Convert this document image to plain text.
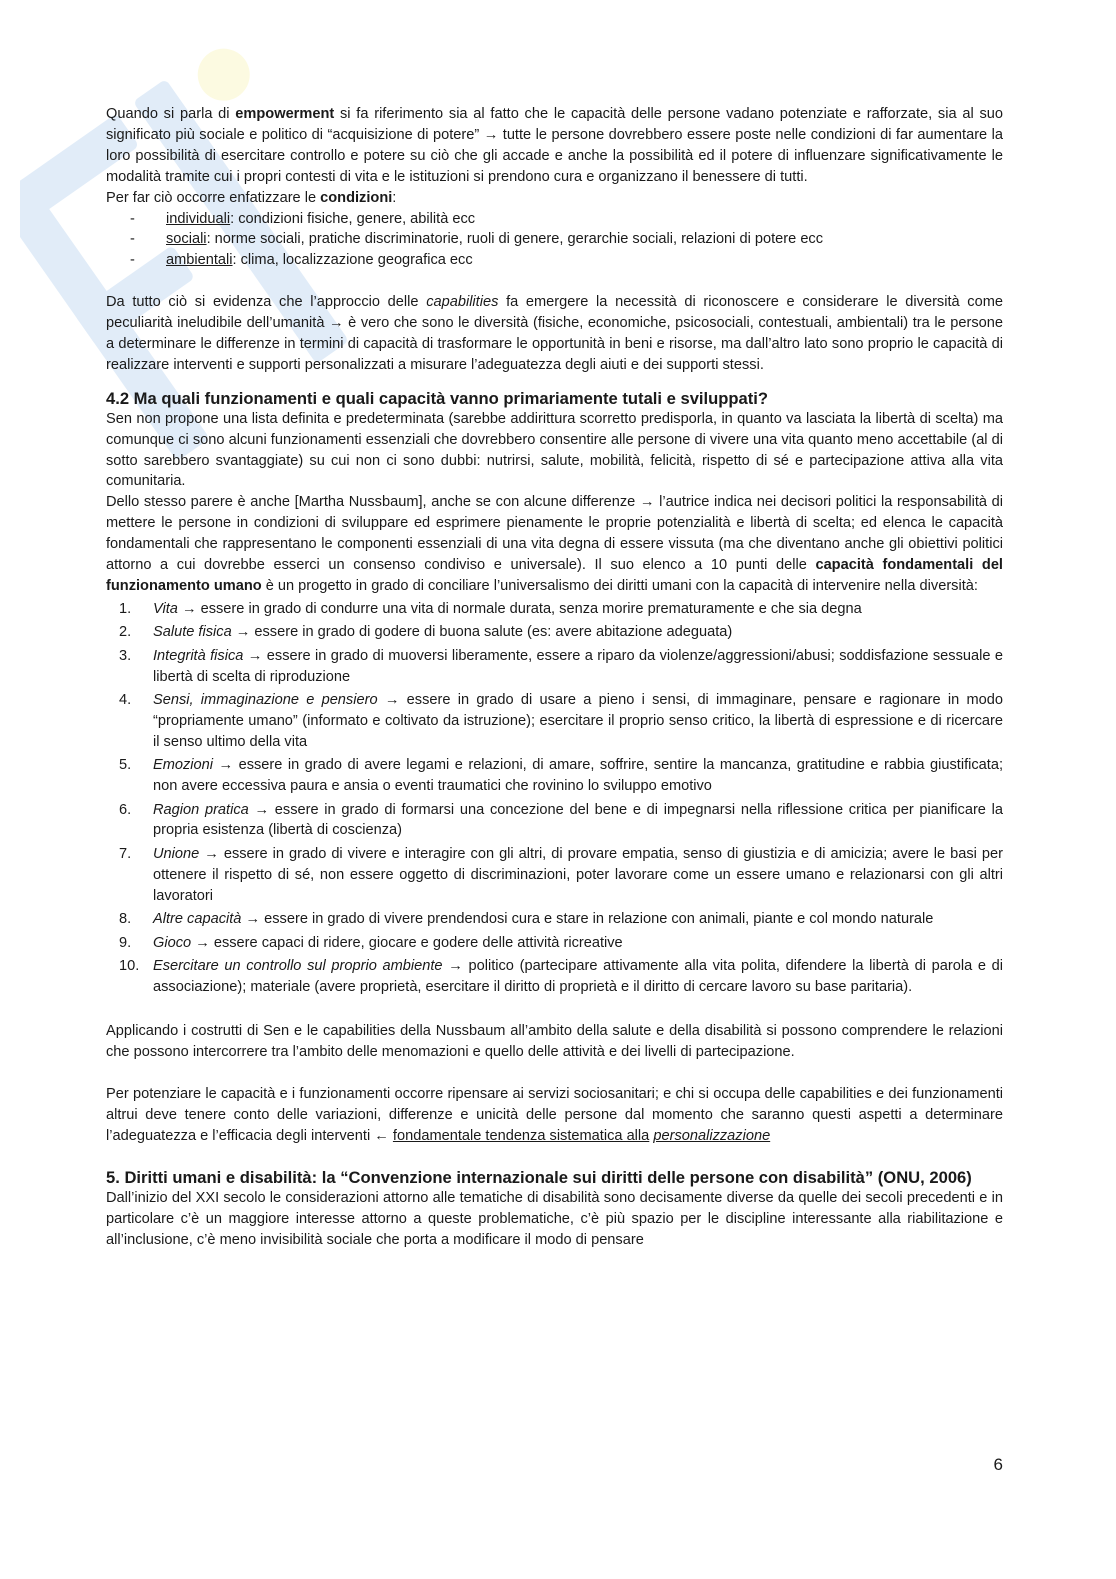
Quando si parla di empowerment si fa riferimento sia al fatto che le capacità delle persone vadano potenziate e rafforzate, sia al suo significato più sociale e politico di “acquisizione di potere” → tutte le persone dovrebbero essere poste nelle condizioni di far aumentare la loro possibilità di esercitare controllo e potere su ciò che gli accade e anche la possibilità ed il potere di influenzare significativamente le modalità tramite cui i propri contesti di vita e le istituzioni si prendono cura e organizzano il benessere di tutti.

Per far ciò occorre enfatizzare le condizioni:

- individuali: condizioni fisiche, genere, abilità ecc
- sociali: norme sociali, pratiche discriminatorie, ruoli di genere, gerarchie sociali, relazioni di potere ecc
- ambientali: clima, localizzazione geografica ecc

Da tutto ciò si evidenza che l’approccio delle capabilities fa emergere la necessità di riconoscere e considerare le diversità come peculiarità ineludibile dell’umanità → è vero che sono le diversità (fisiche, economiche, psicosociali, contestuali, ambientali) tra le persone a determinare le differenze in termini di capacità di trasformare le opportunità in beni e risorse, ma dall’altro lato sono proprio le capacità di realizzare interventi e supporti personalizzati a misurare l’adeguatezza degli aiuti e dei supporti stessi.

4.2 Ma quali funzionamenti e quali capacità vanno primariamente tutali e sviluppati?

Sen non propone una lista definita e predeterminata (sarebbe addirittura scorretto predisporla, in quanto va lasciata la libertà di scelta) ma comunque ci sono alcuni funzionamenti essenziali che dovrebbero consentire alle persone di vivere una vita quanto meno accettabile (al di sotto sarebbero svantaggiate) su cui non ci sono dubbi: nutrirsi, salute, mobilità, felicità, rispetto di sé e partecipazione attiva alla vita comunitaria.

Dello stesso parere è anche [Martha Nussbaum], anche se con alcune differenze → l’autrice indica nei decisori politici la responsabilità di mettere le persone in condizioni di sviluppare ed esprimere pienamente le proprie potenzialità e libertà di scelta; ed elenca le capacità fondamentali che rappresentano le componenti essenziali di una vita degna di essere vissuta (ma che diventano anche gli obiettivi politici attorno a cui dovrebbe esserci un consenso condiviso e universale). Il suo elenco a 10 punti delle capacità fondamentali del funzionamento umano è un progetto in grado di conciliare l’universalismo dei diritti umani con la capacità di intervenire nella diversità:

1. Vita → essere in grado di condurre una vita di normale durata, senza morire prematuramente e che sia degna
2. Salute fisica → essere in grado di godere di buona salute (es: avere abitazione adeguata)
3. Integrità fisica → essere in grado di muoversi liberamente, essere a riparo da violenze/aggressioni/abusi; soddisfazione sessuale e libertà di scelta di riproduzione
4. Sensi, immaginazione e pensiero → essere in grado di usare a pieno i sensi, di immaginare, pensare e ragionare in modo “propriamente umano” (informato e coltivato da istruzione); esercitare il proprio senso critico, la libertà di espressione e di ricercare il senso ultimo della vita
5. Emozioni → essere in grado di avere legami e relazioni, di amare, soffrire, sentire la mancanza, gratitudine e rabbia giustificata; non avere eccessiva paura e ansia o eventi traumatici che rovinino lo sviluppo emotivo
6. Ragion pratica → essere in grado di formarsi una concezione del bene e di impegnarsi nella riflessione critica per pianificare la propria esistenza (libertà di coscienza)
7. Unione → essere in grado di vivere e interagire con gli altri, di provare empatia, senso di giustizia e di amicizia; avere le basi per ottenere il rispetto di sé, non essere oggetto di discriminazioni, poter lavorare come un essere umano e relazionarsi con gli altri lavoratori
8. Altre capacità → essere in grado di vivere prendendosi cura e stare in relazione con animali, piante e col mondo naturale
9. Gioco → essere capaci di ridere, giocare e godere delle attività ricreative
10. Esercitare un controllo sul proprio ambiente → politico (partecipare attivamente alla vita polita, difendere la libertà di parola e di associazione); materiale (avere proprietà, esercitare il diritto di proprietà e il diritto di cercare lavoro su base paritaria).

Applicando i costrutti di Sen e le capabilities della Nussbaum all’ambito della salute e della disabilità si possono comprendere le relazioni che possono intercorrere tra l’ambito delle menomazioni e quello delle attività e dei livelli di partecipazione.

Per potenziare le capacità e i funzionamenti occorre ripensare ai servizi sociosanitari; e chi si occupa delle capabilities e dei funzionamenti altrui deve tenere conto delle variazioni, differenze e unicità delle persone dal momento che saranno questi aspetti a determinare l’adeguatezza e l’efficacia degli interventi ← fondamentale tendenza sistematica alla personalizzazione

5. Diritti umani e disabilità: la “Convenzione internazionale sui diritti delle persone con disabilità” (ONU, 2006)

Dall’inizio del XXI secolo le considerazioni attorno alle tematiche di disabilità sono decisamente diverse da quelle dei secoli precedenti e in particolare c’è un maggiore interesse attorno a queste problematiche, c’è più spazio per le discipline interessante alla riabilitazione e all’inclusione, c’è meno invisibilità sociale che porta a modificare il modo di pensare

6
